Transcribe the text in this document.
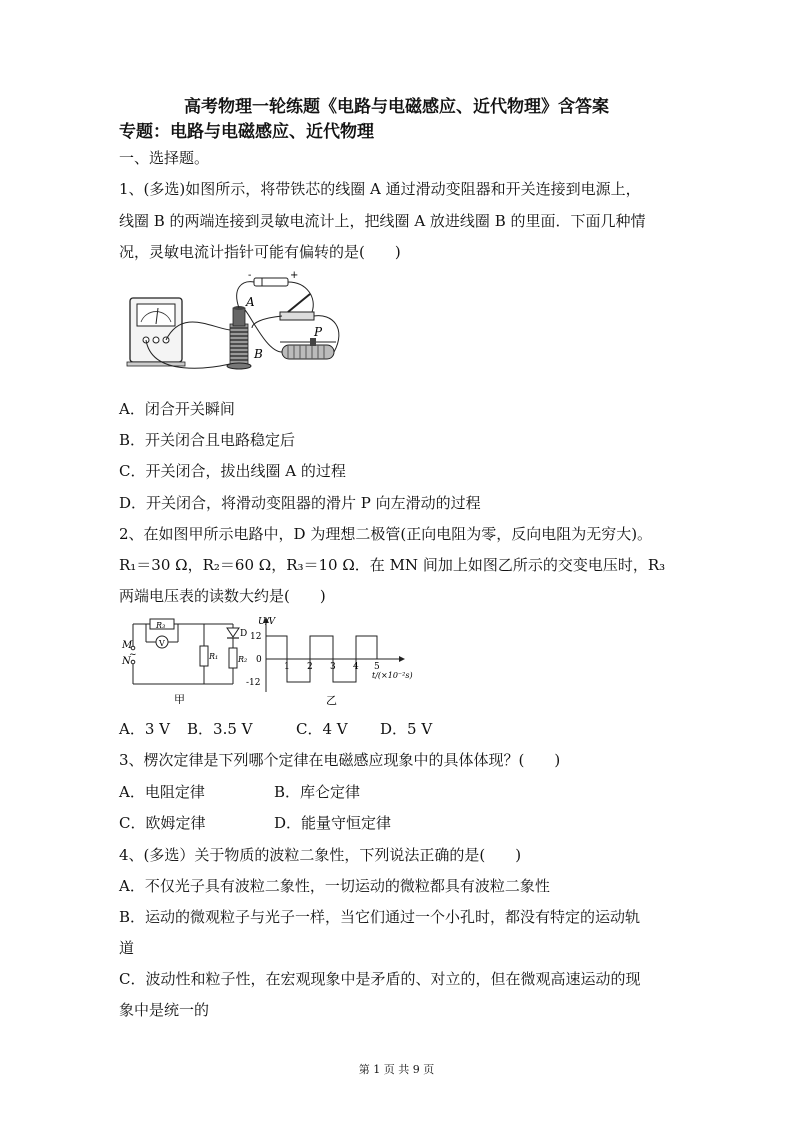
高考物理一轮练题《电路与电磁感应、近代物理》含答案
专题：电路与电磁感应、近代物理
一、选择题。
1、(多选)如图所示，将带铁芯的线圈 A 通过滑动变阻器和开关连接到电源上，
线圈 B 的两端连接到灵敏电流计上，把线圈 A 放进线圈 B 的里面．下面几种情
况，灵敏电流计指针可能有偏转的是(　　)
A
B
P
-	+
A．闭合开关瞬间
B．开关闭合且电路稳定后
C．开关闭合，拔出线圈 A 的过程
D．开关闭合，将滑动变阻器的滑片 P 向左滑动的过程
2、在如图甲所示电路中，D 为理想二极管(正向电阻为零，反向电阻为无穷大)。
R₁＝30 Ω，R₂＝60 Ω，R₃＝10 Ω．在 MN 间加上如图乙所示的交变电压时，R₃
两端电压表的读数大约是(　　)
M
N
~
R₃
V
D
R₁ R₂
甲
U/V
12
0
-12
1 2 3 4 5
t/(×10⁻²s)
乙
A．3 V B．3.5 V	C．4 V D．5 V
3、楞次定律是下列哪个定律在电磁感应现象中的具体体现？(　　)
A．电阻定律	B．库仑定律
C．欧姆定律	D．能量守恒定律
4、(多选）关于物质的波粒二象性，下列说法正确的是(　　)
A．不仅光子具有波粒二象性，一切运动的微粒都具有波粒二象性
B．运动的微观粒子与光子一样，当它们通过一个小孔时，都没有特定的运动轨
道
C．波动性和粒子性，在宏观现象中是矛盾的、对立的，但在微观高速运动的现
象中是统一的
第 1 页 共 9 页
